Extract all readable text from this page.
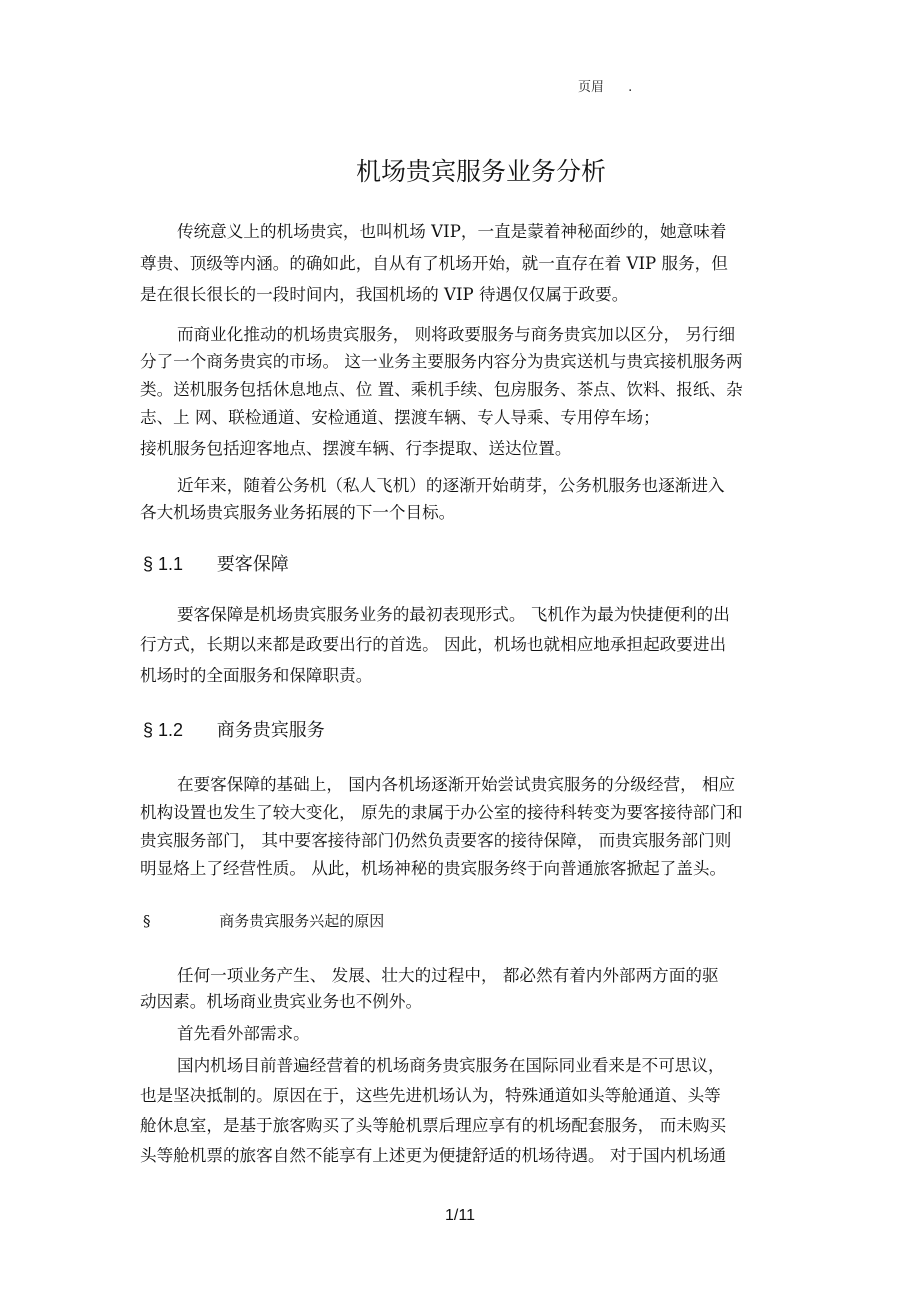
页眉 .
机场贵宾服务业务分析
传统意义上的机场贵宾，也叫机场 VIP，一直是蒙着神秘面纱的，她意味着
尊贵、顶级等内涵。的确如此，自从有了机场开始，就一直存在着 VIP 服务，但
是在很长很长的一段时间内，我国机场的 VIP 待遇仅仅属于政要。
而商业化推动的机场贵宾服务， 则将政要服务与商务贵宾加以区分， 另行细
分了一个商务贵宾的市场。 这一业务主要服务内容分为贵宾送机与贵宾接机服务两
类。送机服务包括休息地点、位 置、乘机手续、包房服务、茶点、饮料、报纸、杂
志、上 网、联检通道、安检通道、摆渡车辆、专人导乘、专用停车场；
接机服务包括迎客地点、摆渡车辆、行李提取、送达位置。
近年来，随着公务机（私人飞机）的逐渐开始萌芽，公务机服务也逐渐进入
各大机场贵宾服务业务拓展的下一个目标。
§ 1.1 要客保障
要客保障是机场贵宾服务业务的最初表现形式。 飞机作为最为快捷便利的出
行方式，长期以来都是政要出行的首选。 因此，机场也就相应地承担起政要进出
机场时的全面服务和保障职责。
§ 1.2 商务贵宾服务
在要客保障的基础上， 国内各机场逐渐开始尝试贵宾服务的分级经营， 相应
机构设置也发生了较大变化， 原先的隶属于办公室的接待科转变为要客接待部门和
贵宾服务部门， 其中要客接待部门仍然负责要客的接待保障， 而贵宾服务部门则
明显烙上了经营性质。 从此，机场神秘的贵宾服务终于向普通旅客掀起了盖头。
§	商务贵宾服务兴起的原因
任何一项业务产生、 发展、壮大的过程中， 都必然有着内外部两方面的驱
动因素。机场商业贵宾业务也不例外。
首先看外部需求。
国内机场目前普遍经营着的机场商务贵宾服务在国际同业看来是不可思议，
也是坚决抵制的。原因在于，这些先进机场认为，特殊通道如头等舱通道、头等
舱休息室，是基于旅客购买了头等舱机票后理应享有的机场配套服务， 而未购买
头等舱机票的旅客自然不能享有上述更为便捷舒适的机场待遇。 对于国内机场通
1/11
